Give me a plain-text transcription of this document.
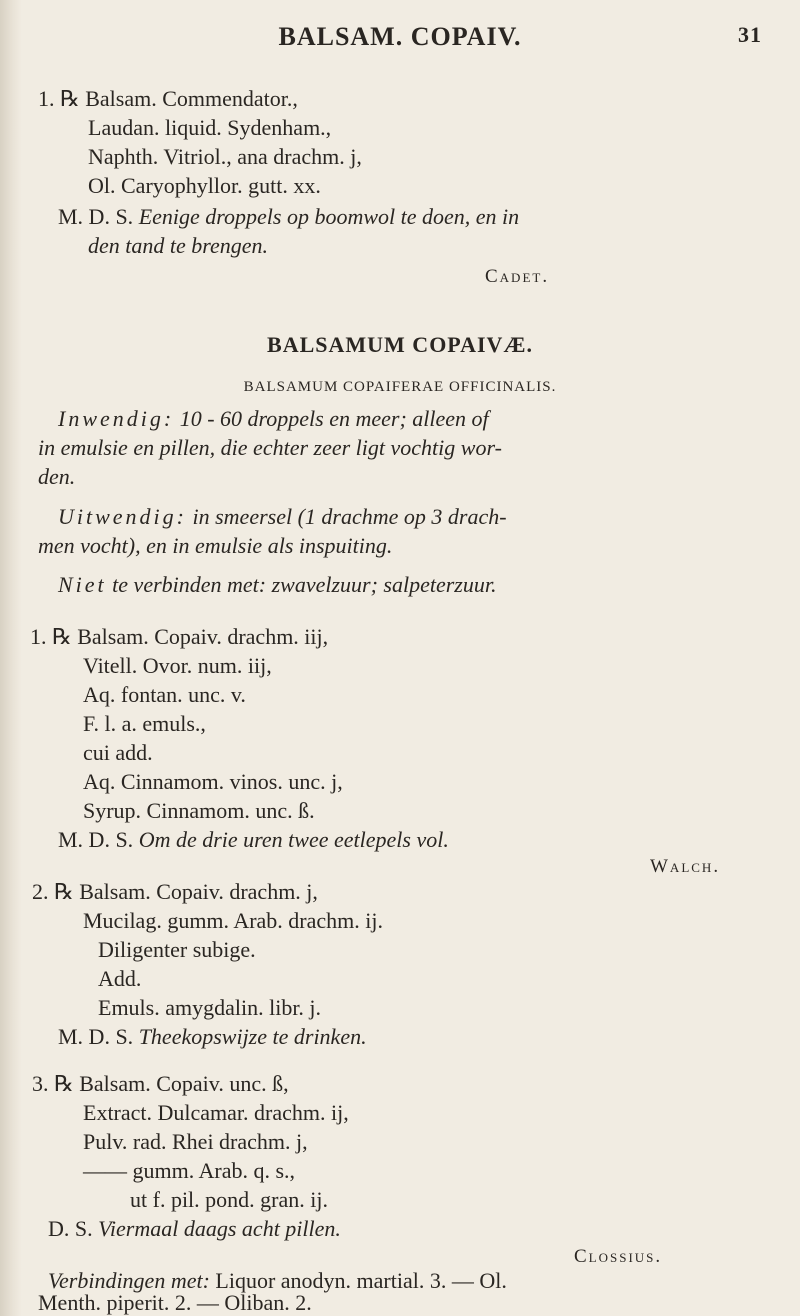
BALSAM. COPAIV.	31
1. ℞ Balsam. Commendator.,
Laudan. liquid. Sydenham.,
Naphth. Vitriol., ana drachm. j,
Ol. Caryophyllor. gutt. xx.
M. D. S. Eenige droppels op boomwol te doen, en in
den tand te brengen.
Cadet.
BALSAMUM COPAIVÆ.
BALSAMUM COPAIFERAE OFFICINALIS.
Inwendig: 10 - 60 droppels en meer; alleen of
in emulsie en pillen, die echter zeer ligt vochtig wor-
den.
Uitwendig: in smeersel (1 drachme op 3 drach-
men vocht), en in emulsie als inspuiting.
Niet te verbinden met: zwavelzuur; salpeterzuur.
1. ℞ Balsam. Copaiv. drachm. iij,
Vitell. Ovor. num. iij,
Aq. fontan. unc. v.
F. l. a. emuls.,
cui add.
Aq. Cinnamom. vinos. unc. j,
Syrup. Cinnamom. unc. ß.
M. D. S. Om de drie uren twee eetlepels vol.
Walch.
2. ℞ Balsam. Copaiv. drachm. j,
Mucilag. gumm. Arab. drachm. ij.
Diligenter subige.
Add.
Emuls. amygdalin. libr. j.
M. D. S. Theekopswijze te drinken.
3. ℞ Balsam. Copaiv. unc. ß,
Extract. Dulcamar. drachm. ij,
Pulv. rad. Rhei drachm. j,
—— gumm. Arab. q. s.,
ut f. pil. pond. gran. ij.
D. S. Viermaal daags acht pillen.
Clossius.
Verbindingen met: Liquor anodyn. martial. 3. — Ol.
Menth. piperit. 2. — Oliban. 2.
